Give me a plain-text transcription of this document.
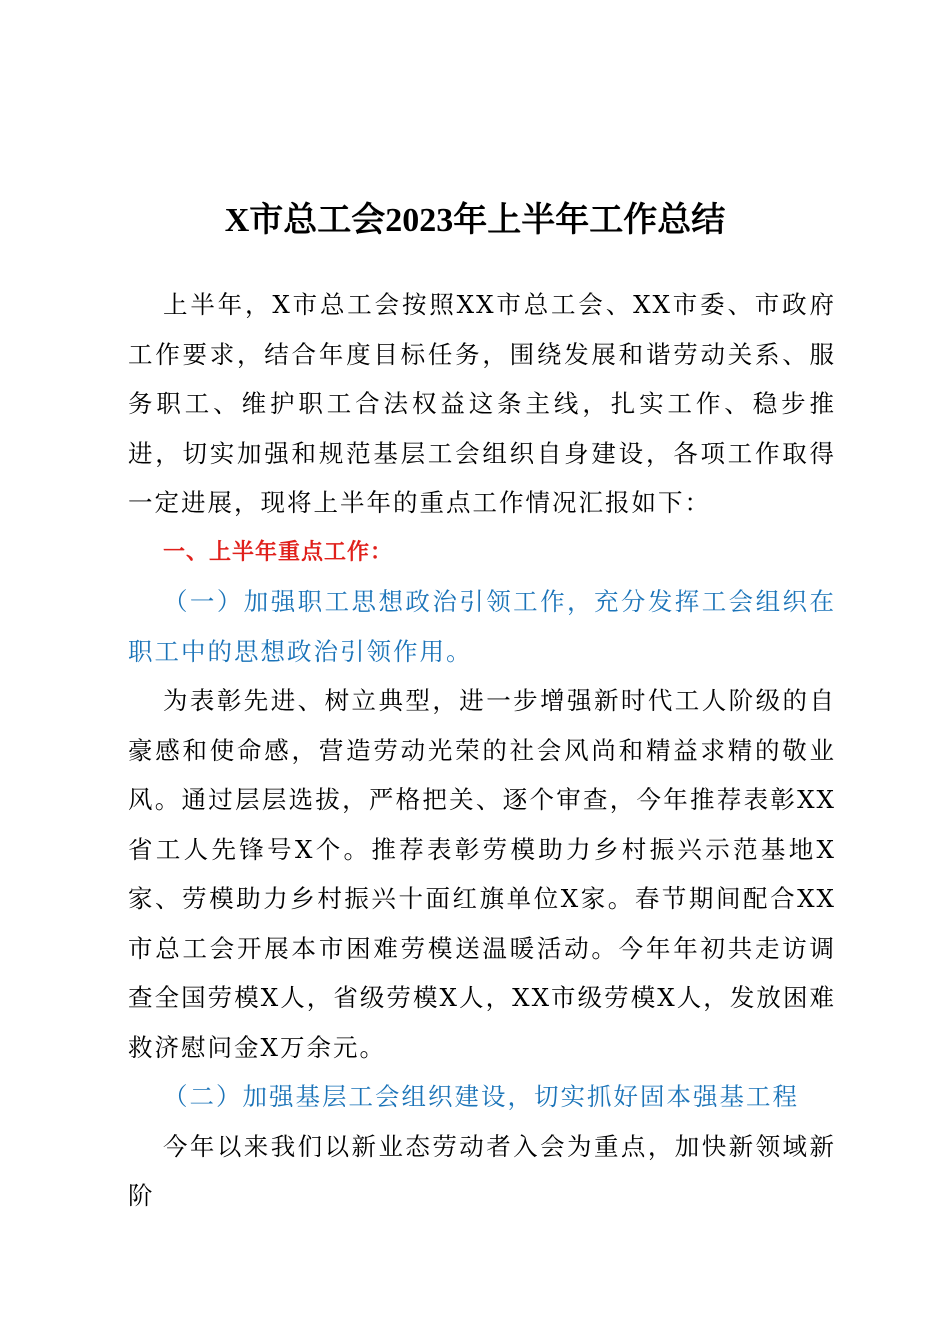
X市总工会2023年上半年工作总结

上半年，X市总工会按照XX市总工会、XX市委、市政府工作要求，结合年度目标任务，围绕发展和谐劳动关系、服务职工、维护职工合法权益这条主线，扎实工作、稳步推进，切实加强和规范基层工会组织自身建设，各项工作取得一定进展，现将上半年的重点工作情况汇报如下：

一、上半年重点工作：

（一）加强职工思想政治引领工作，充分发挥工会组织在职工中的思想政治引领作用。

为表彰先进、树立典型，进一步增强新时代工人阶级的自豪感和使命感，营造劳动光荣的社会风尚和精益求精的敬业风。通过层层选拔，严格把关、逐个审查，今年推荐表彰XX省工人先锋号X个。推荐表彰劳模助力乡村振兴示范基地X家、劳模助力乡村振兴十面红旗单位X家。春节期间配合XX市总工会开展本市困难劳模送温暖活动。今年年初共走访调查全国劳模X人，省级劳模X人，XX市级劳模X人，发放困难救济慰问金X万余元。

（二）加强基层工会组织建设，切实抓好固本强基工程

今年以来我们以新业态劳动者入会为重点，加快新领域新阶
